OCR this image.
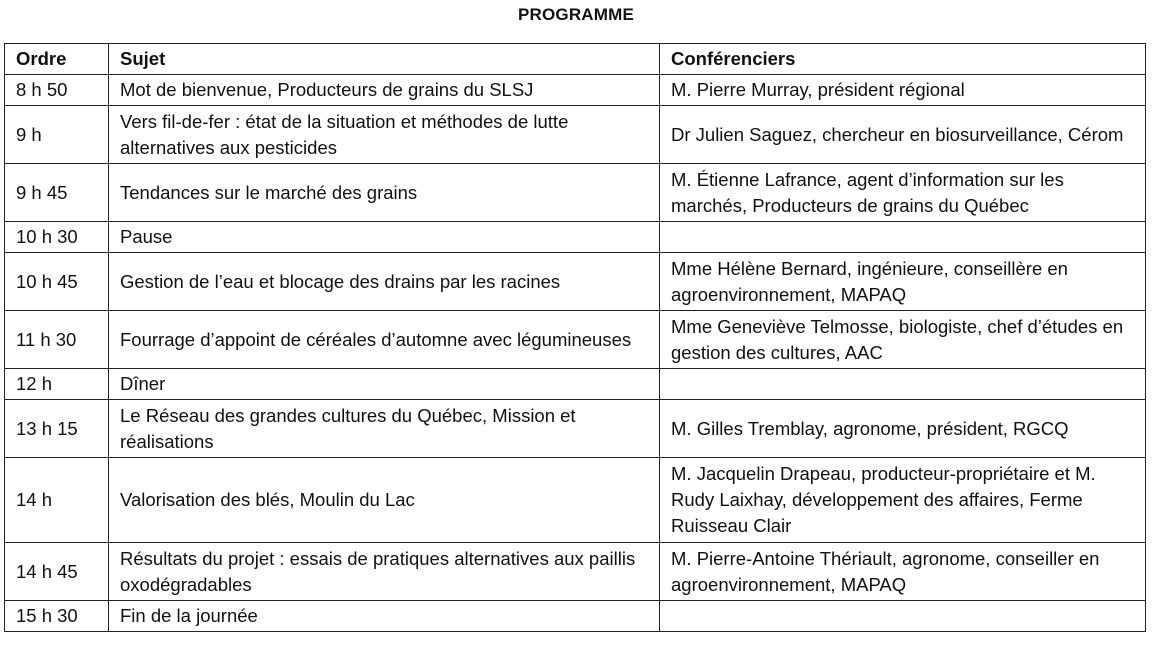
PROGRAMME
Ordre	Sujet	Conférenciers
8 h 50	Mot de bienvenue, Producteurs de grains du SLSJ	M. Pierre Murray, président régional
9 h	Vers fil-de-fer : état de la situation et méthodes de lutte alternatives aux pesticides	Dr Julien Saguez, chercheur en biosurveillance, Cérom
9 h 45	Tendances sur le marché des grains	M. Étienne Lafrance, agent d’information sur les marchés, Producteurs de grains du Québec
10 h 30	Pause	
10 h 45	Gestion de l’eau et blocage des drains par les racines	Mme Hélène Bernard, ingénieure, conseillère en agroenvironnement, MAPAQ
11 h 30	Fourrage d’appoint de céréales d’automne avec légumineuses	Mme Geneviève Telmosse, biologiste, chef d’études en gestion des cultures, AAC
12 h	Dîner	
13 h 15	Le Réseau des grandes cultures du Québec, Mission et réalisations	M. Gilles Tremblay, agronome, président, RGCQ
14 h	Valorisation des blés, Moulin du Lac	M. Jacquelin Drapeau, producteur-propriétaire et M. Rudy Laixhay, développement des affaires, Ferme Ruisseau Clair
14 h 45	Résultats du projet : essais de pratiques alternatives aux paillis oxodégradables	M. Pierre-Antoine Thériault, agronome, conseiller en agroenvironnement, MAPAQ
15 h 30	Fin de la journée	
